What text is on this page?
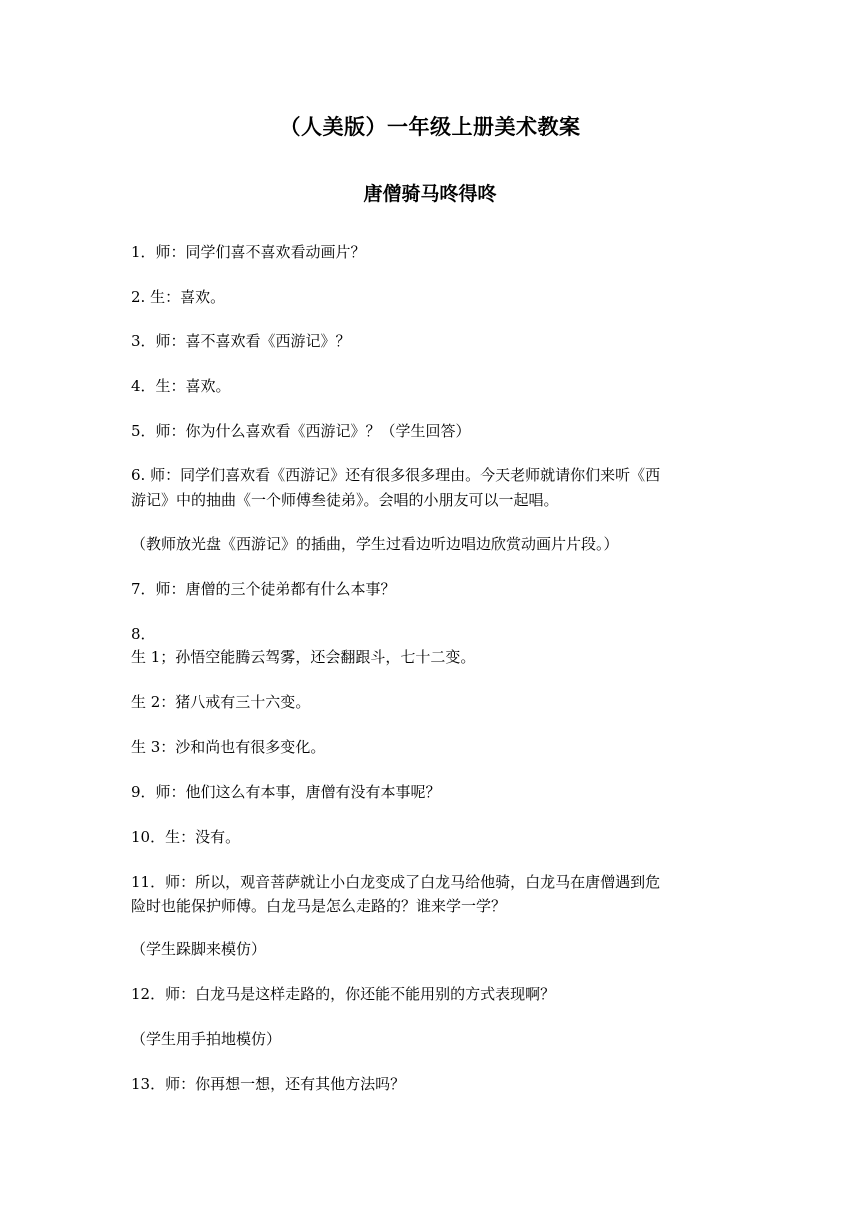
（人美版）一年级上册美术教案
唐僧骑马咚得咚
1．师：同学们喜不喜欢看动画片？
2. 生：喜欢。
3．师：喜不喜欢看《西游记》？
4．生：喜欢。
5．师：你为什么喜欢看《西游记》？（学生回答）
6. 师：同学们喜欢看《西游记》还有很多很多理由。今天老师就请你们来听《西
游记》中的抽曲《一个师傅叁徒弟》。会唱的小朋友可以一起唱。
（教师放光盘《西游记》的插曲，学生过看边听边唱边欣赏动画片片段。）
7．师：唐僧的三个徒弟都有什么本事？
8．
生 1；孙悟空能腾云驾雾，还会翻跟斗，七十二变。
生 2：猪八戒有三十六变。
生 3：沙和尚也有很多变化。
9．师：他们这么有本事，唐僧有没有本事呢？
10．生：没有。
11．师：所以，观音菩萨就让小白龙变成了白龙马给他骑，白龙马在唐僧遇到危
险时也能保护师傅。白龙马是怎么走路的？谁来学一学？
（学生跺脚来模仿）
12．师：白龙马是这样走路的，你还能不能用别的方式表现啊？
（学生用手拍地模仿）
13．师：你再想一想，还有其他方法吗？
